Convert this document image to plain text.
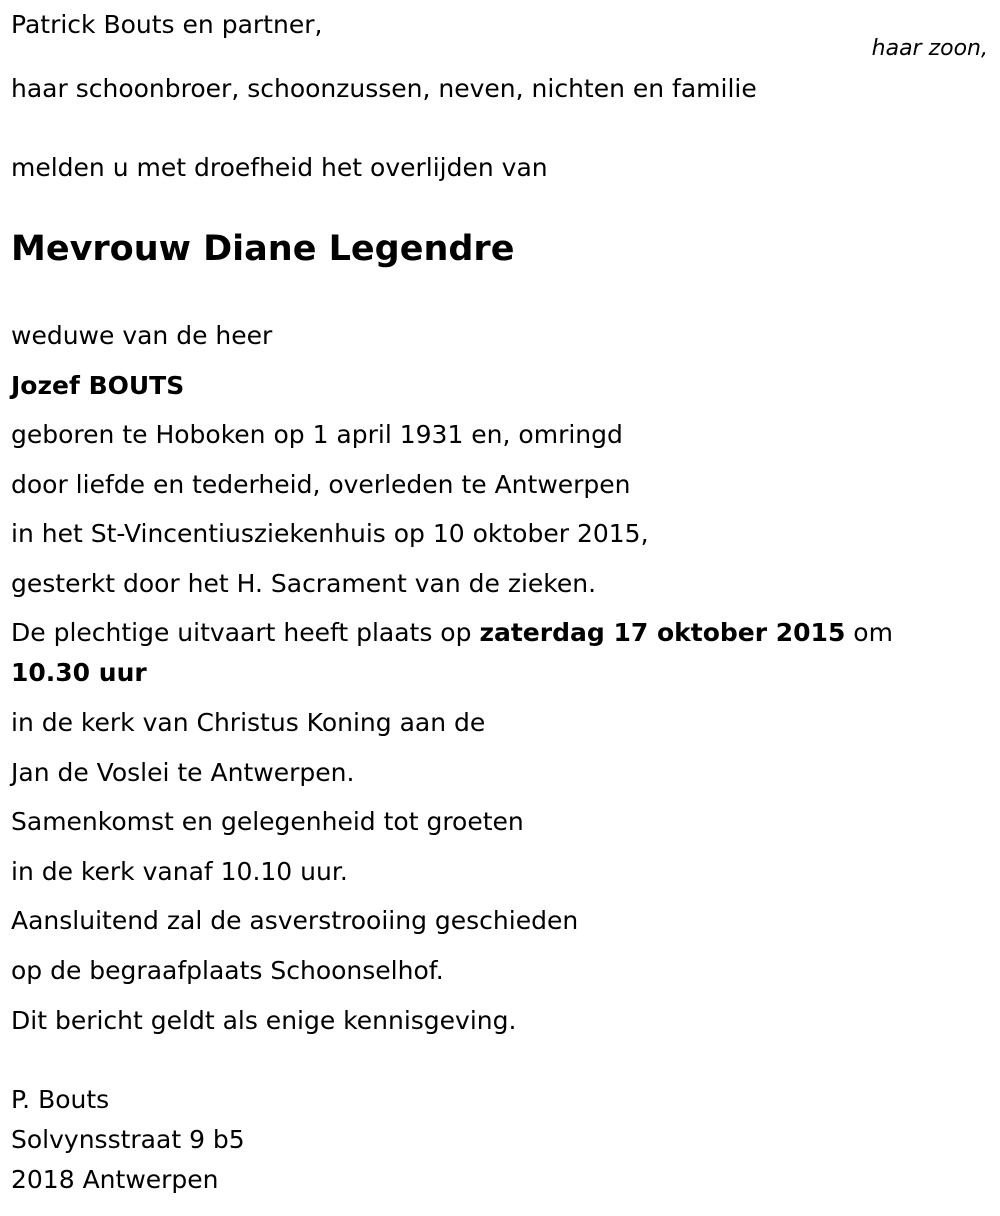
Patrick Bouts en partner,

haar zoon,

haar schoonbroer, schoonzussen, neven, nichten en familie

melden u met droefheid het overlijden van

Mevrouw Diane Legendre

weduwe van de heer

Jozef BOUTS

geboren te Hoboken op 1 april 1931 en, omringd

door liefde en tederheid, overleden te Antwerpen

in het St-Vincentiusziekenhuis op 10 oktober 2015,

gesterkt door het H. Sacrament van de zieken.

De plechtige uitvaart heeft plaats op zaterdag 17 oktober 2015 om

10.30 uur

in de kerk van Christus Koning aan de

Jan de Voslei te Antwerpen.

Samenkomst en gelegenheid tot groeten

in de kerk vanaf 10.10 uur.

Aansluitend zal de asverstrooiing geschieden

op de begraafplaats Schoonselhof.

Dit bericht geldt als enige kennisgeving.

P. Bouts

Solvynsstraat 9 b5

2018 Antwerpen
